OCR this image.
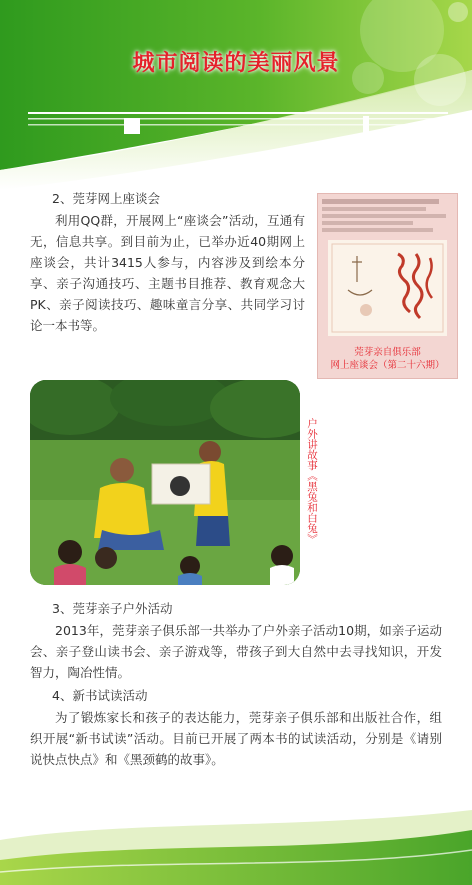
城市阅读的美丽风景
2、莞芽网上座谈会
利用QQ群，开展网上“座谈会”活动，互通有无，信息共享。到目前为止，已举办近40期网上座谈会，共计3415人参与，内容涉及到绘本分享、亲子沟通技巧、主题书目推荐、教育观念大PK、亲子阅读技巧、趣味童言分享、共同学习讨论一本书等。
莞芽亲自俱乐部
网上座谈会（第二十六期）
户外讲故事《黑兔和白兔》
3、莞芽亲子户外活动
2013年，莞芽亲子俱乐部一共举办了户外亲子活动10期，如亲子运动会、亲子登山读书会、亲子游戏等，带孩子到大自然中去寻找知识，开发智力，陶冶性情。
4、新书试读活动
为了锻炼家长和孩子的表达能力，莞芽亲子俱乐部和出版社合作，组织开展“新书试读”活动。目前已开展了两本书的试读活动，分别是《请别说快点快点》和《黑颈鹤的故事》。
